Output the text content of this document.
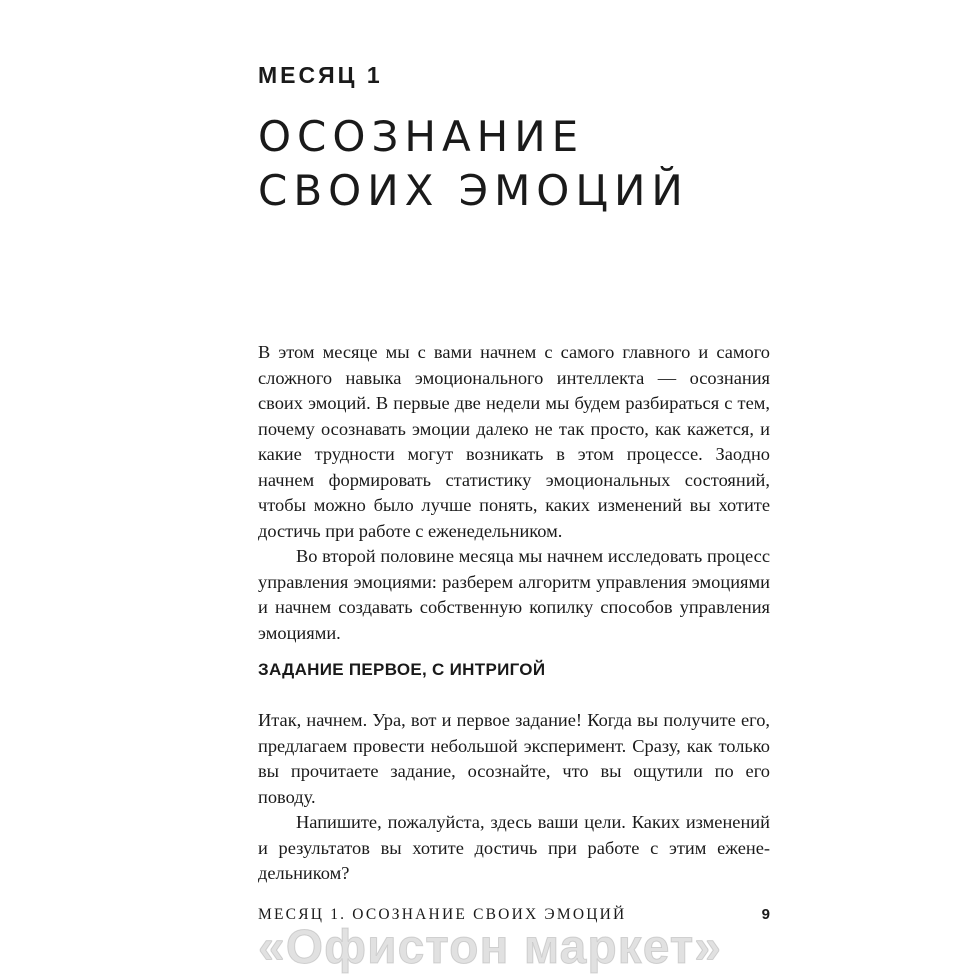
МЕСЯЦ 1

ОСОЗНАНИЕ
СВОИХ ЭМОЦИЙ

В этом месяце мы с вами начнем с самого главного и самого сложного навыка эмоционального интеллекта — осознания своих эмоций. В первые две недели мы будем разбираться с тем, почему осознавать эмоции далеко не так просто, как кажется, и какие трудности могут возникать в этом процессе. Заодно начнем формировать статистику эмоциональных состояний, чтобы можно было лучше понять, каких изменений вы хотите достичь при работе с еженедельником.

Во второй половине месяца мы начнем исследовать процесс управления эмоциями: разберем алгоритм управления эмоциями и начнем создавать собственную копилку способов управления эмоциями.

ЗАДАНИЕ ПЕРВОЕ, С ИНТРИГОЙ

Итак, начнем. Ура, вот и первое задание! Когда вы получите его, предлагаем провести небольшой эксперимент. Сразу, как только вы прочитаете задание, осознайте, что вы ощутили по его поводу.

Напишите, пожалуйста, здесь ваши цели. Каких изменений и результатов вы хотите достичь при работе с этим еженедельником?

МЕСЯЦ 1. ОСОЗНАНИЕ СВОИХ ЭМОЦИЙ	9
«Офистон маркет»
